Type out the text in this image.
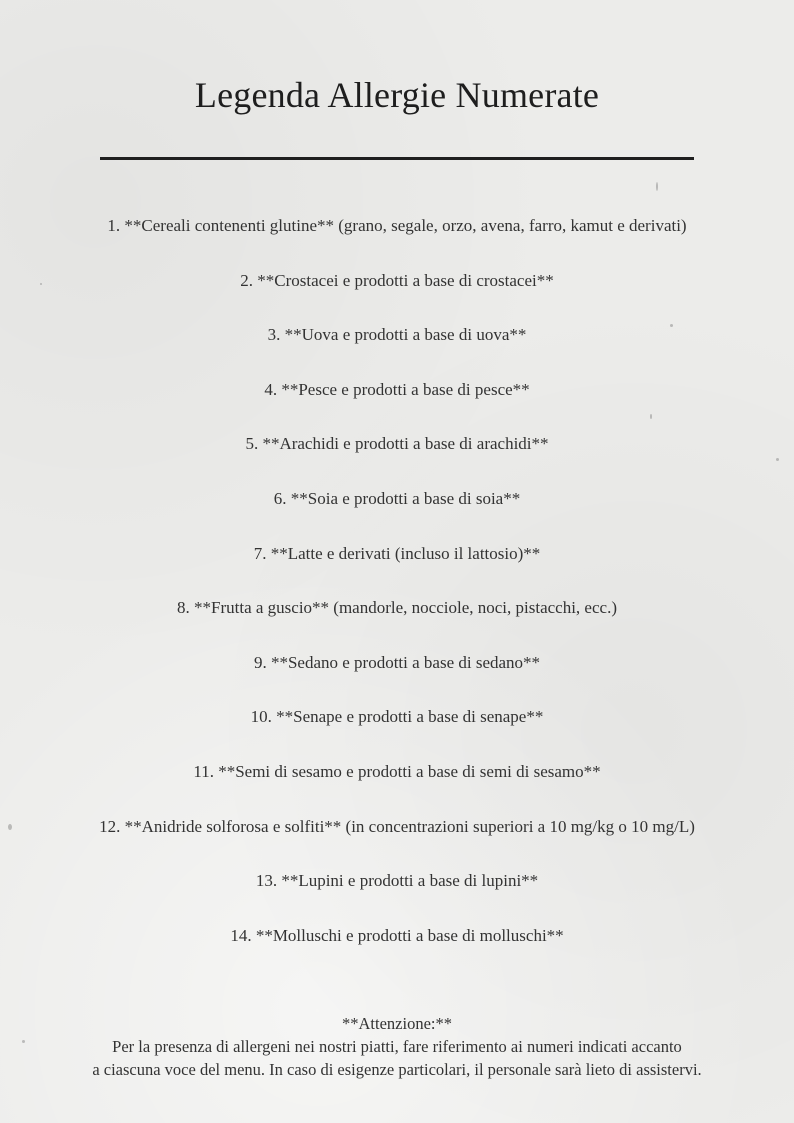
Legenda Allergie Numerate
1. **Cereali contenenti glutine** (grano, segale, orzo, avena, farro, kamut e derivati)
2. **Crostacei e prodotti a base di crostacei**
3. **Uova e prodotti a base di uova**
4. **Pesce e prodotti a base di pesce**
5. **Arachidi e prodotti a base di arachidi**
6. **Soia e prodotti a base di soia**
7. **Latte e derivati (incluso il lattosio)**
8. **Frutta a guscio** (mandorle, nocciole, noci, pistacchi, ecc.)
9. **Sedano e prodotti a base di sedano**
10. **Senape e prodotti a base di senape**
11. **Semi di sesamo e prodotti a base di semi di sesamo**
12. **Anidride solforosa e solfiti** (in concentrazioni superiori a 10 mg/kg o 10 mg/L)
13. **Lupini e prodotti a base di lupini**
14. **Molluschi e prodotti a base di molluschi**
**Attenzione:**
Per la presenza di allergeni nei nostri piatti, fare riferimento ai numeri indicati accanto
a ciascuna voce del menu. In caso di esigenze particolari, il personale sarà lieto di assistervi.
